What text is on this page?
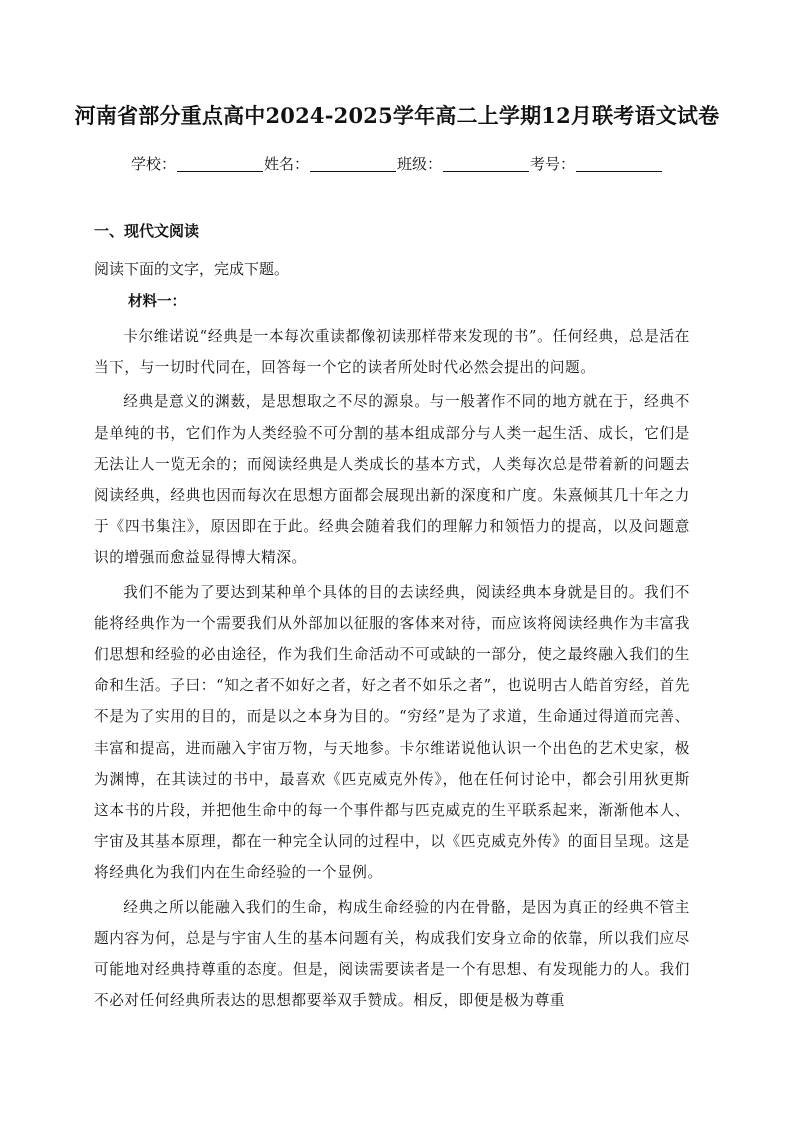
河南省部分重点高中2024-2025学年高二上学期12月联考语文试卷
学校：	姓名：	班级：	考号：
一、现代文阅读
阅读下面的文字，完成下题。
材料一：

卡尔维诺说“经典是一本每次重读都像初读那样带来发现的书”。任何经典，总是活在当下，与一切时代同在，回答每一个它的读者所处时代必然会提出的问题。

经典是意义的渊薮，是思想取之不尽的源泉。与一般著作不同的地方就在于，经典不是单纯的书，它们作为人类经验不可分割的基本组成部分与人类一起生活、成长，它们是无法让人一览无余的；而阅读经典是人类成长的基本方式，人类每次总是带着新的问题去阅读经典，经典也因而每次在思想方面都会展现出新的深度和广度。朱熹倾其几十年之力于《四书集注》，原因即在于此。经典会随着我们的理解力和领悟力的提高，以及问题意识的增强而愈益显得博大精深。

我们不能为了要达到某种单个具体的目的去读经典，阅读经典本身就是目的。我们不能将经典作为一个需要我们从外部加以征服的客体来对待，而应该将阅读经典作为丰富我们思想和经验的必由途径，作为我们生命活动不可或缺的一部分，使之最终融入我们的生命和生活。子曰：“知之者不如好之者，好之者不如乐之者”，也说明古人皓首穷经，首先不是为了实用的目的，而是以之本身为目的。“穷经”是为了求道，生命通过得道而完善、丰富和提高，进而融入宇宙万物，与天地参。卡尔维诺说他认识一个出色的艺术史家，极为渊博，在其读过的书中，最喜欢《匹克威克外传》，他在任何讨论中，都会引用狄更斯这本书的片段，并把他生命中的每一个事件都与匹克威克的生平联系起来，渐渐他本人、宇宙及其基本原理，都在一种完全认同的过程中，以《匹克威克外传》的面目呈现。这是将经典化为我们内在生命经验的一个显例。

经典之所以能融入我们的生命，构成生命经验的内在骨骼，是因为真正的经典不管主题内容为何，总是与宇宙人生的基本问题有关，构成我们安身立命的依靠，所以我们应尽可能地对经典持尊重的态度。但是，阅读需要读者是一个有思想、有发现能力的人。我们不必对任何经典所表达的思想都要举双手赞成。相反，即便是极为尊重
